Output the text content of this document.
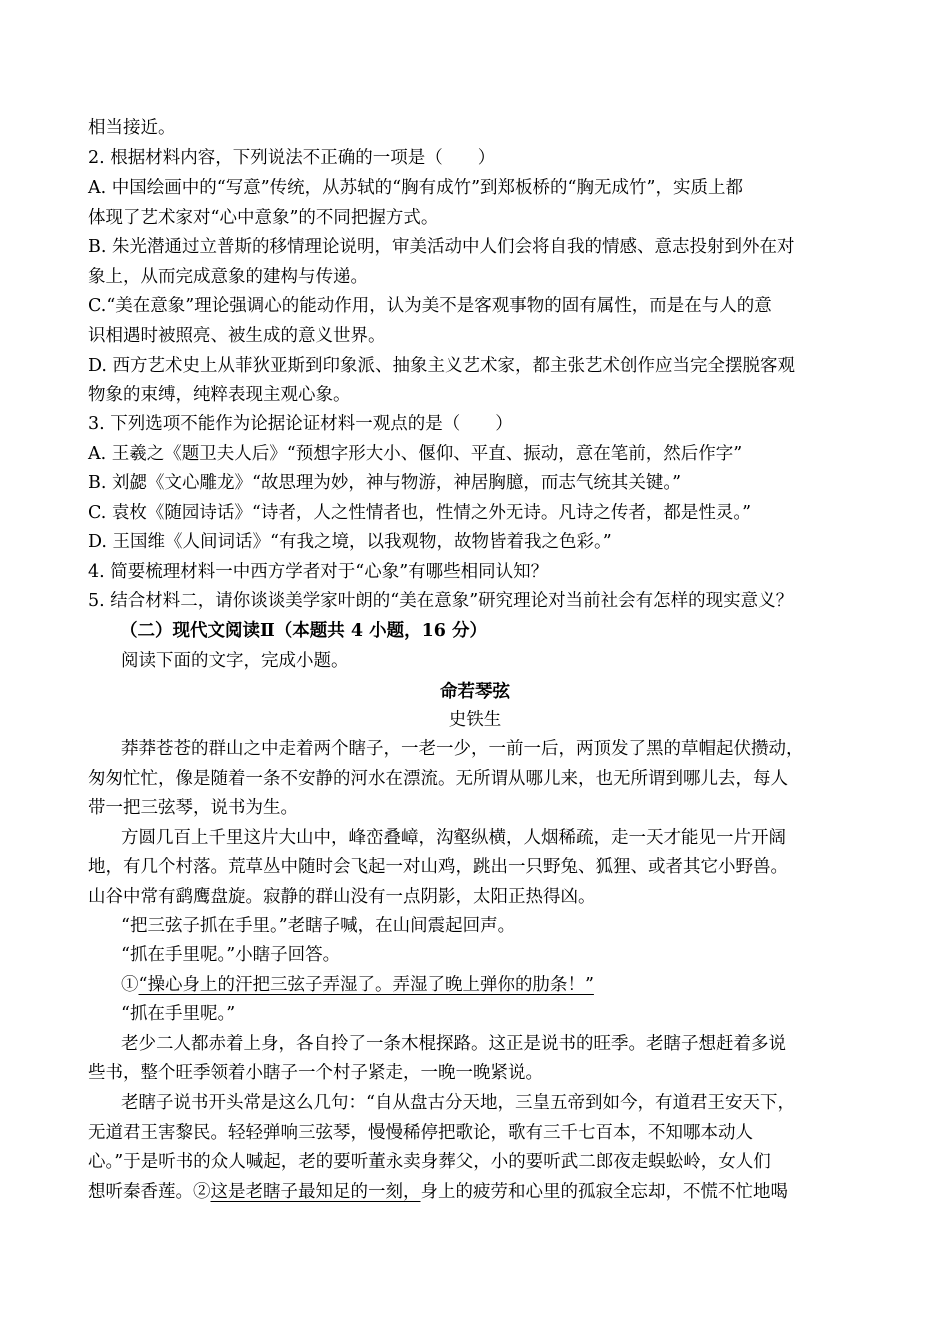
相当接近。
2. 根据材料内容，下列说法不正确的一项是（　　）
A. 中国绘画中的“写意”传统，从苏轼的“胸有成竹”到郑板桥的“胸无成竹”，实质上都
体现了艺术家对“心中意象”的不同把握方式。
B. 朱光潜通过立普斯的移情理论说明，审美活动中人们会将自我的情感、意志投射到外在对
象上，从而完成意象的建构与传递。
C.“美在意象”理论强调心的能动作用，认为美不是客观事物的固有属性，而是在与人的意
识相遇时被照亮、被生成的意义世界。
D. 西方艺术史上从菲狄亚斯到印象派、抽象主义艺术家，都主张艺术创作应当完全摆脱客观
物象的束缚，纯粹表现主观心象。
3. 下列选项不能作为论据论证材料一观点的是（　　）
A. 王羲之《题卫夫人后》“预想字形大小、偃仰、平直、振动，意在笔前，然后作字”
B. 刘勰《文心雕龙》“故思理为妙，神与物游，神居胸臆，而志气统其关键。”
C. 袁枚《随园诗话》“诗者，人之性情者也，性情之外无诗。凡诗之传者，都是性灵。”
D. 王国维《人间词话》“有我之境，以我观物，故物皆着我之色彩。”
4. 简要梳理材料一中西方学者对于“心象”有哪些相同认知？
5. 结合材料二，请你谈谈美学家叶朗的“美在意象”研究理论对当前社会有怎样的现实意义？
（二）现代文阅读Ⅱ（本题共 4 小题，16 分）
阅读下面的文字，完成小题。
命若琴弦
史铁生
莽莽苍苍的群山之中走着两个瞎子，一老一少，一前一后，两顶发了黑的草帽起伏攒动，
匆匆忙忙，像是随着一条不安静的河水在漂流。无所谓从哪儿来，也无所谓到哪儿去，每人
带一把三弦琴，说书为生。
方圆几百上千里这片大山中，峰峦叠嶂，沟壑纵横，人烟稀疏，走一天才能见一片开阔
地，有几个村落。荒草丛中随时会飞起一对山鸡，跳出一只野兔、狐狸、或者其它小野兽。
山谷中常有鹞鹰盘旋。寂静的群山没有一点阴影，太阳正热得凶。
“把三弦子抓在手里。”老瞎子喊，在山间震起回声。
“抓在手里呢。”小瞎子回答。
①“操心身上的汗把三弦子弄湿了。弄湿了晚上弹你的肋条！”
“抓在手里呢。”
老少二人都赤着上身，各自拎了一条木棍探路。这正是说书的旺季。老瞎子想赶着多说
些书，整个旺季领着小瞎子一个村子紧走，一晚一晚紧说。
老瞎子说书开头常是这么几句：“自从盘古分天地，三皇五帝到如今，有道君王安天下，
无道君王害黎民。轻轻弹响三弦琴，慢慢稀停把歌论，歌有三千七百本，不知哪本动人
心。”于是听书的众人喊起，老的要听董永卖身葬父，小的要听武二郎夜走蜈蚣岭，女人们
想听秦香莲。②这是老瞎子最知足的一刻，身上的疲劳和心里的孤寂全忘却，不慌不忙地喝
